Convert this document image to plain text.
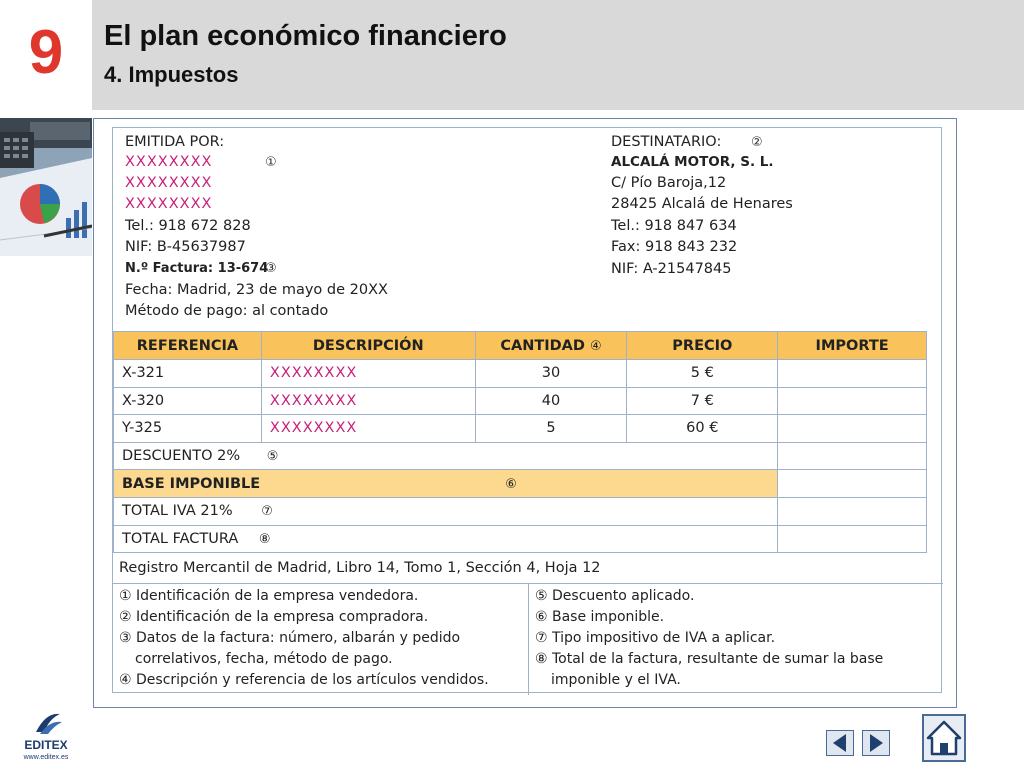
9	El plan económico financiero
4. Impuestos
EMITIDA POR:
XXXXXXXX	①
XXXXXXXX
XXXXXXXX
Tel.: 918 672 828
NIF: B-45637987
N.º Factura: 13-674
③
Fecha: Madrid, 23 de mayo de 20XX
Método de pago: al contado
DESTINATARIO: ②
ALCALÁ MOTOR, S. L.
C/ Pío Baroja,12
28425 Alcalá de Henares
Tel.: 918 847 634
Fax: 918 843 232
NIF: A-21547845
REFERENCIA	DESCRIPCIÓN	CANTIDAD ④	PRECIO	IMPORTE
X-321	XXXXXXXX	30	5 €	
X-320	XXXXXXXX	40	7 €	
Y-325	XXXXXXXX	5	60 €	
DESCUENTO 2% ⑤				
BASE IMPONIBLE ⑥				
TOTAL IVA 21% ⑦				
TOTAL FACTURA ⑧				
Registro Mercantil de Madrid, Libro 14, Tomo 1, Sección 4, Hoja 12
① Identificación de la empresa vendedora.
② Identificación de la empresa compradora.
③ Datos de la factura: número, albarán y pedido
correlativos, fecha, método de pago.
④ Descripción y referencia de los artículos vendidos.
⑤ Descuento aplicado.
⑥ Base imponible.
⑦ Tipo impositivo de IVA a aplicar.
⑧ Total de la factura, resultante de sumar la base
imponible y el IVA.
EDITEX
www.editex.es
